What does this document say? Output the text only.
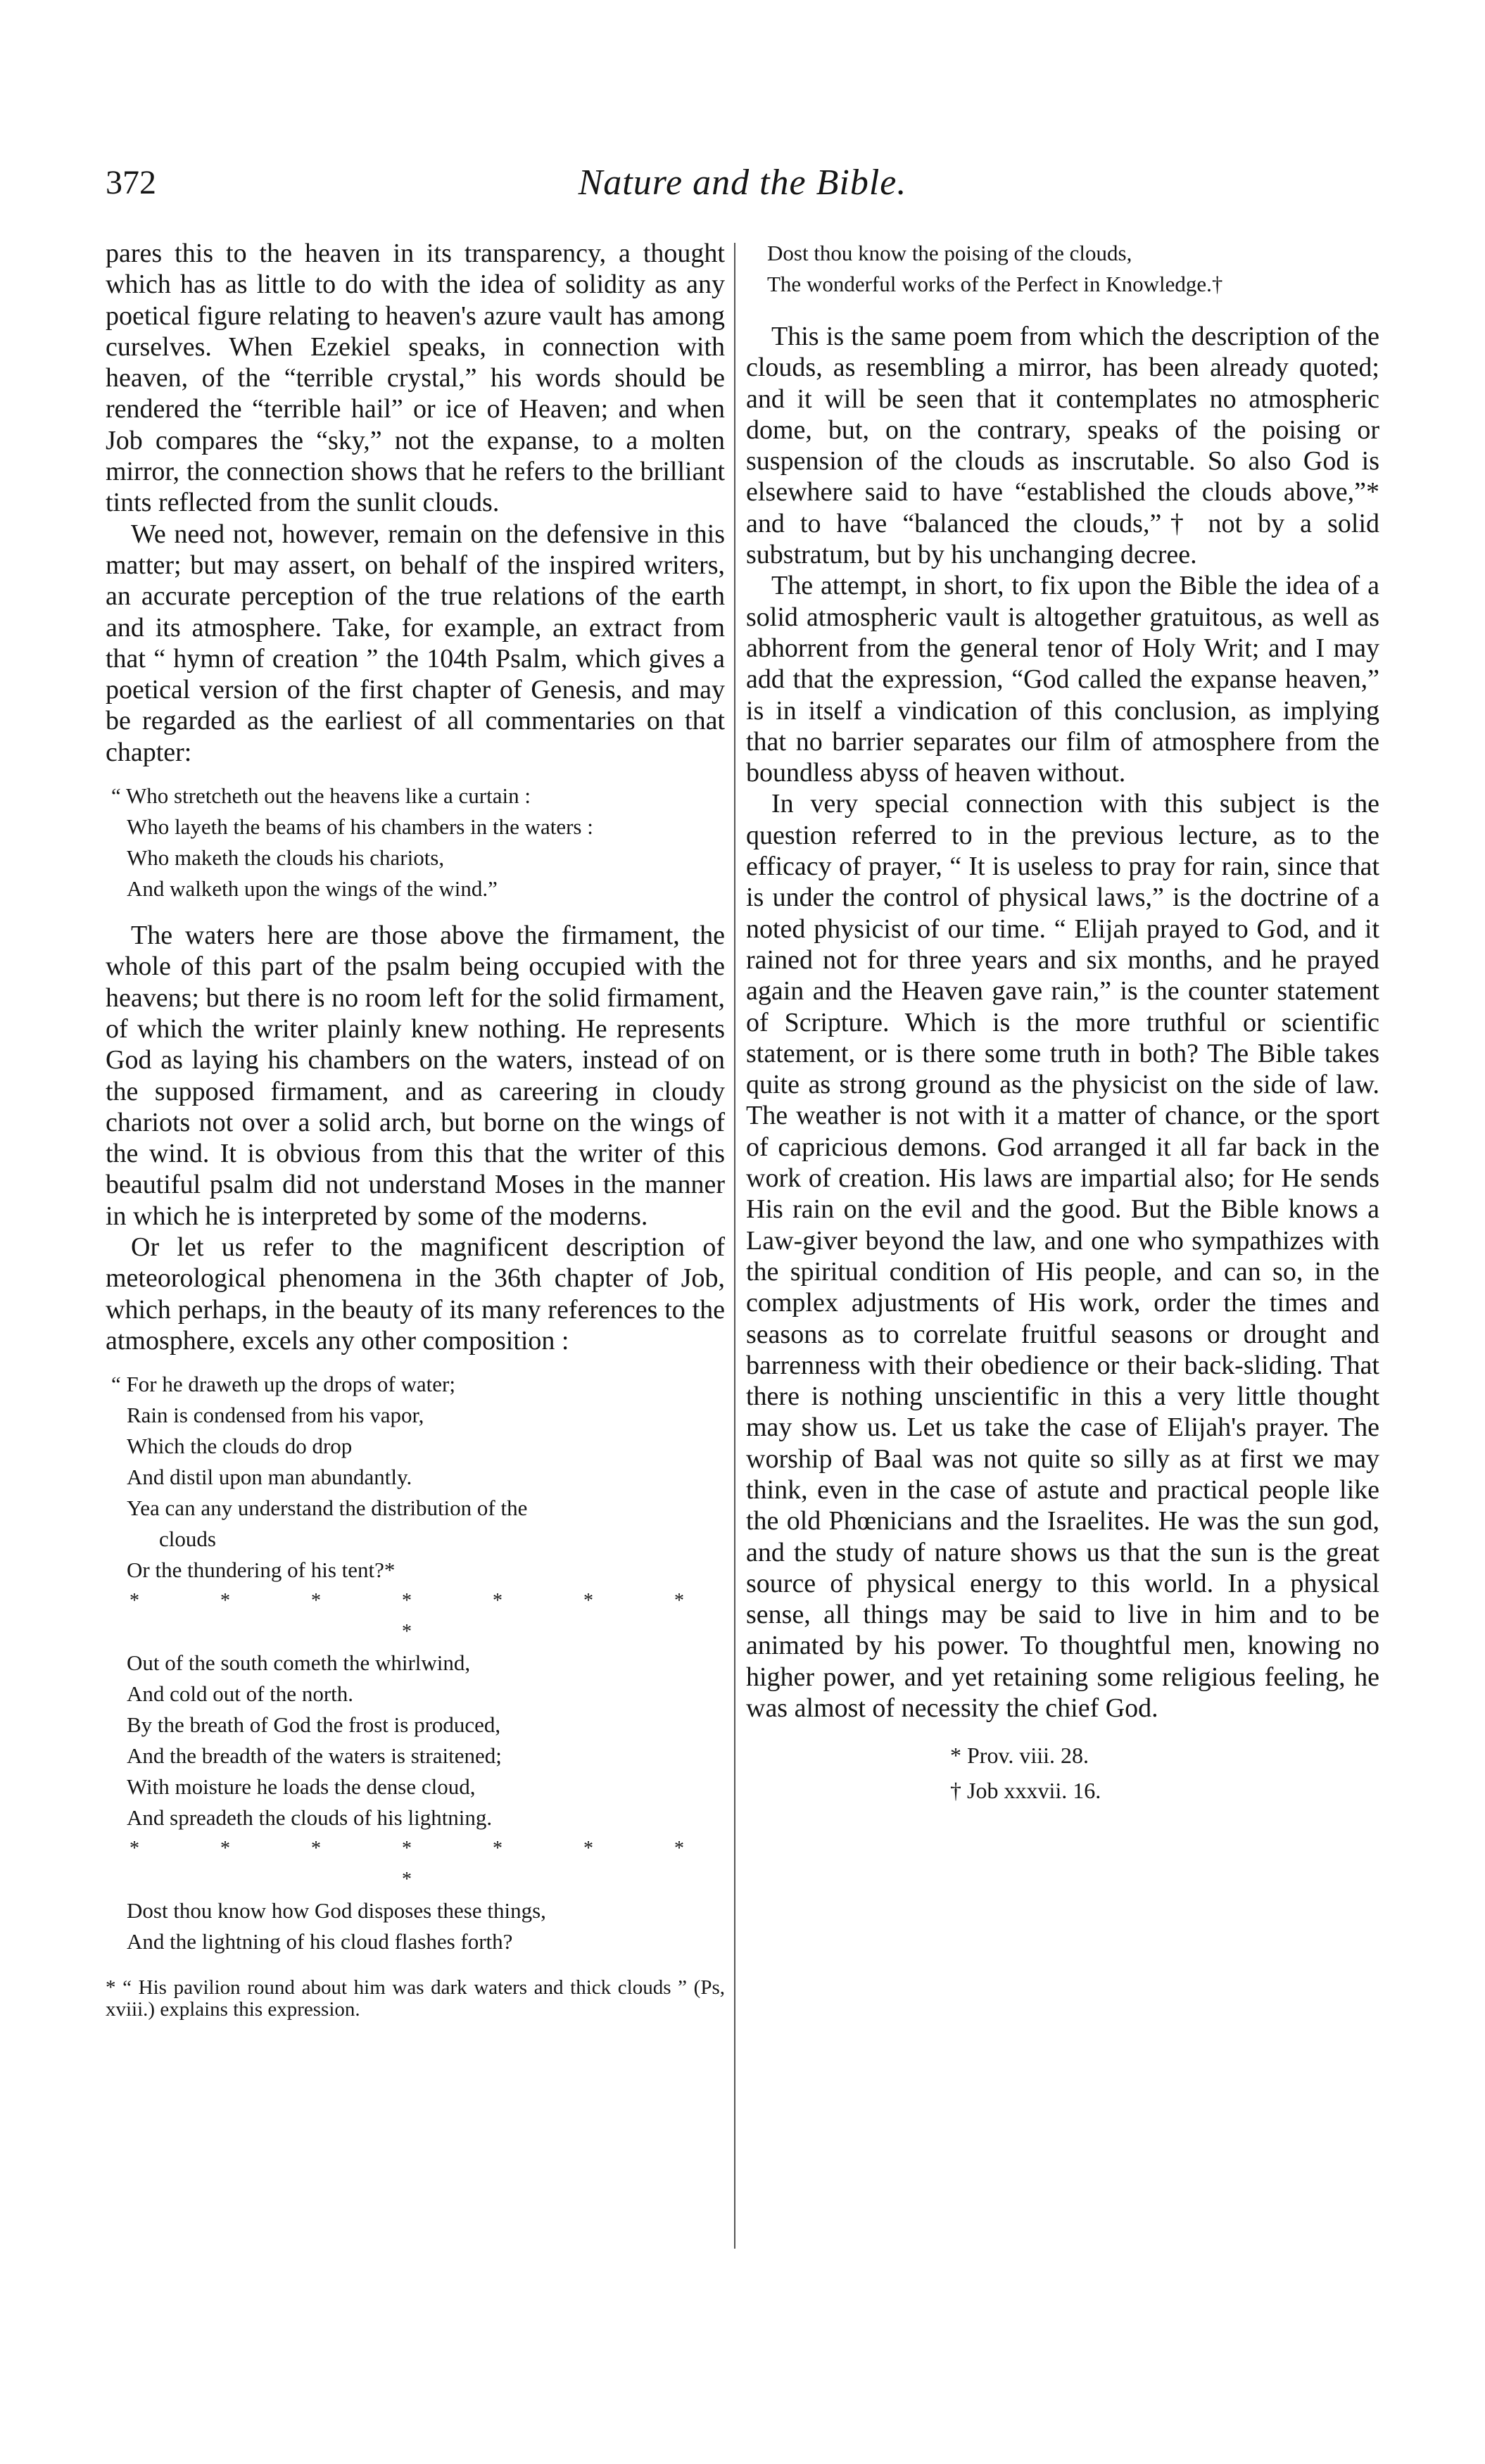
372	Nature and the Bible.

pares this to the heaven in its transparency, a thought which has as little to do with the idea of solidity as any poetical figure relating to heaven's azure vault has among curselves. When Ezekiel speaks, in connection with heaven, of the “terrible crystal,” his words should be rendered the “terrible hail” or ice of Heaven; and when Job compares the “sky,” not the expanse, to a molten mirror, the connection shows that he refers to the brilliant tints reflected from the sunlit clouds.

We need not, however, remain on the defensive in this matter; but may assert, on behalf of the inspired writers, an accurate perception of the true relations of the earth and its atmosphere. Take, for example, an extract from that “ hymn of creation ” the 104th Psalm, which gives a poetical version of the first chapter of Genesis, and may be regarded as the earliest of all commentaries on that chapter:

“ Who stretcheth out the heavens like a curtain :
Who layeth the beams of his chambers in the waters :
Who maketh the clouds his chariots,
And walketh upon the wings of the wind.”

The waters here are those above the firmament, the whole of this part of the psalm being occupied with the heavens; but there is no room left for the solid firmament, of which the writer plainly knew nothing. He represents God as laying his chambers on the waters, instead of on the supposed firmament, and as careering in cloudy chariots not over a solid arch, but borne on the wings of the wind. It is obvious from this that the writer of this beautiful psalm did not understand Moses in the manner in which he is interpreted by some of the moderns.

Or let us refer to the magnificent description of meteorological phenomena in the 36th chapter of Job, which perhaps, in the beauty of its many references to the atmosphere, excels any other composition :

“ For he draweth up the drops of water;
Rain is condensed from his vapor,
Which the clouds do drop
And distil upon man abundantly.
Yea can any understand the distribution of the
clouds
Or the thundering of his tent?*
* * * * * * * *
Out of the south cometh the whirlwind,
And cold out of the north.
By the breath of God the frost is produced,
And the breadth of the waters is straitened;
With moisture he loads the dense cloud,
And spreadeth the clouds of his lightning.
* * * * * * * *
Dost thou know how God disposes these things,
And the lightning of his cloud flashes forth?
* “ His pavilion round about him was dark waters and thick clouds ” (Ps, xviii.) explains this expression.
Dost thou know the poising of the clouds,
The wonderful works of the Perfect in Knowledge.†

This is the same poem from which the description of the clouds, as resembling a mirror, has been already quoted; and it will be seen that it contemplates no atmospheric dome, but, on the contrary, speaks of the poising or suspension of the clouds as inscrutable. So also God is elsewhere said to have “established the clouds above,”* and to have “balanced the clouds,”† not by a solid substratum, but by his unchanging decree.

The attempt, in short, to fix upon the Bible the idea of a solid atmospheric vault is altogether gratuitous, as well as abhorrent from the general tenor of Holy Writ; and I may add that the expression, “God called the expanse heaven,” is in itself a vindication of this conclusion, as implying that no barrier separates our film of atmosphere from the boundless abyss of heaven without.

In very special connection with this subject is the question referred to in the previous lecture, as to the efficacy of prayer, “ It is useless to pray for rain, since that is under the control of physical laws,” is the doctrine of a noted physicist of our time. “ Elijah prayed to God, and it rained not for three years and six months, and he prayed again and the Heaven gave rain,” is the counter statement of Scripture. Which is the more truthful or scientific statement, or is there some truth in both? The Bible takes quite as strong ground as the physicist on the side of law. The weather is not with it a matter of chance, or the sport of capricious demons. God arranged it all far back in the work of creation. His laws are impartial also; for He sends His rain on the evil and the good. But the Bible knows a Law-giver beyond the law, and one who sympathizes with the spiritual condition of His people, and can so, in the complex adjustments of His work, order the times and seasons as to correlate fruitful seasons or drought and barrenness with their obedience or their back-sliding. That there is nothing unscientific in this a very little thought may show us. Let us take the case of Elijah's prayer. The worship of Baal was not quite so silly as at first we may think, even in the case of astute and practical people like the old Phœnicians and the Israelites. He was the sun god, and the study of nature shows us that the sun is the great source of physical energy to this world. In a physical sense, all things may be said to live in him and to be animated by his power. To thoughtful men, knowing no higher power, and yet retaining some religious feeling, he was almost of necessity the chief God.

* Prov. viii. 28.
† Job xxxvii. 16.
